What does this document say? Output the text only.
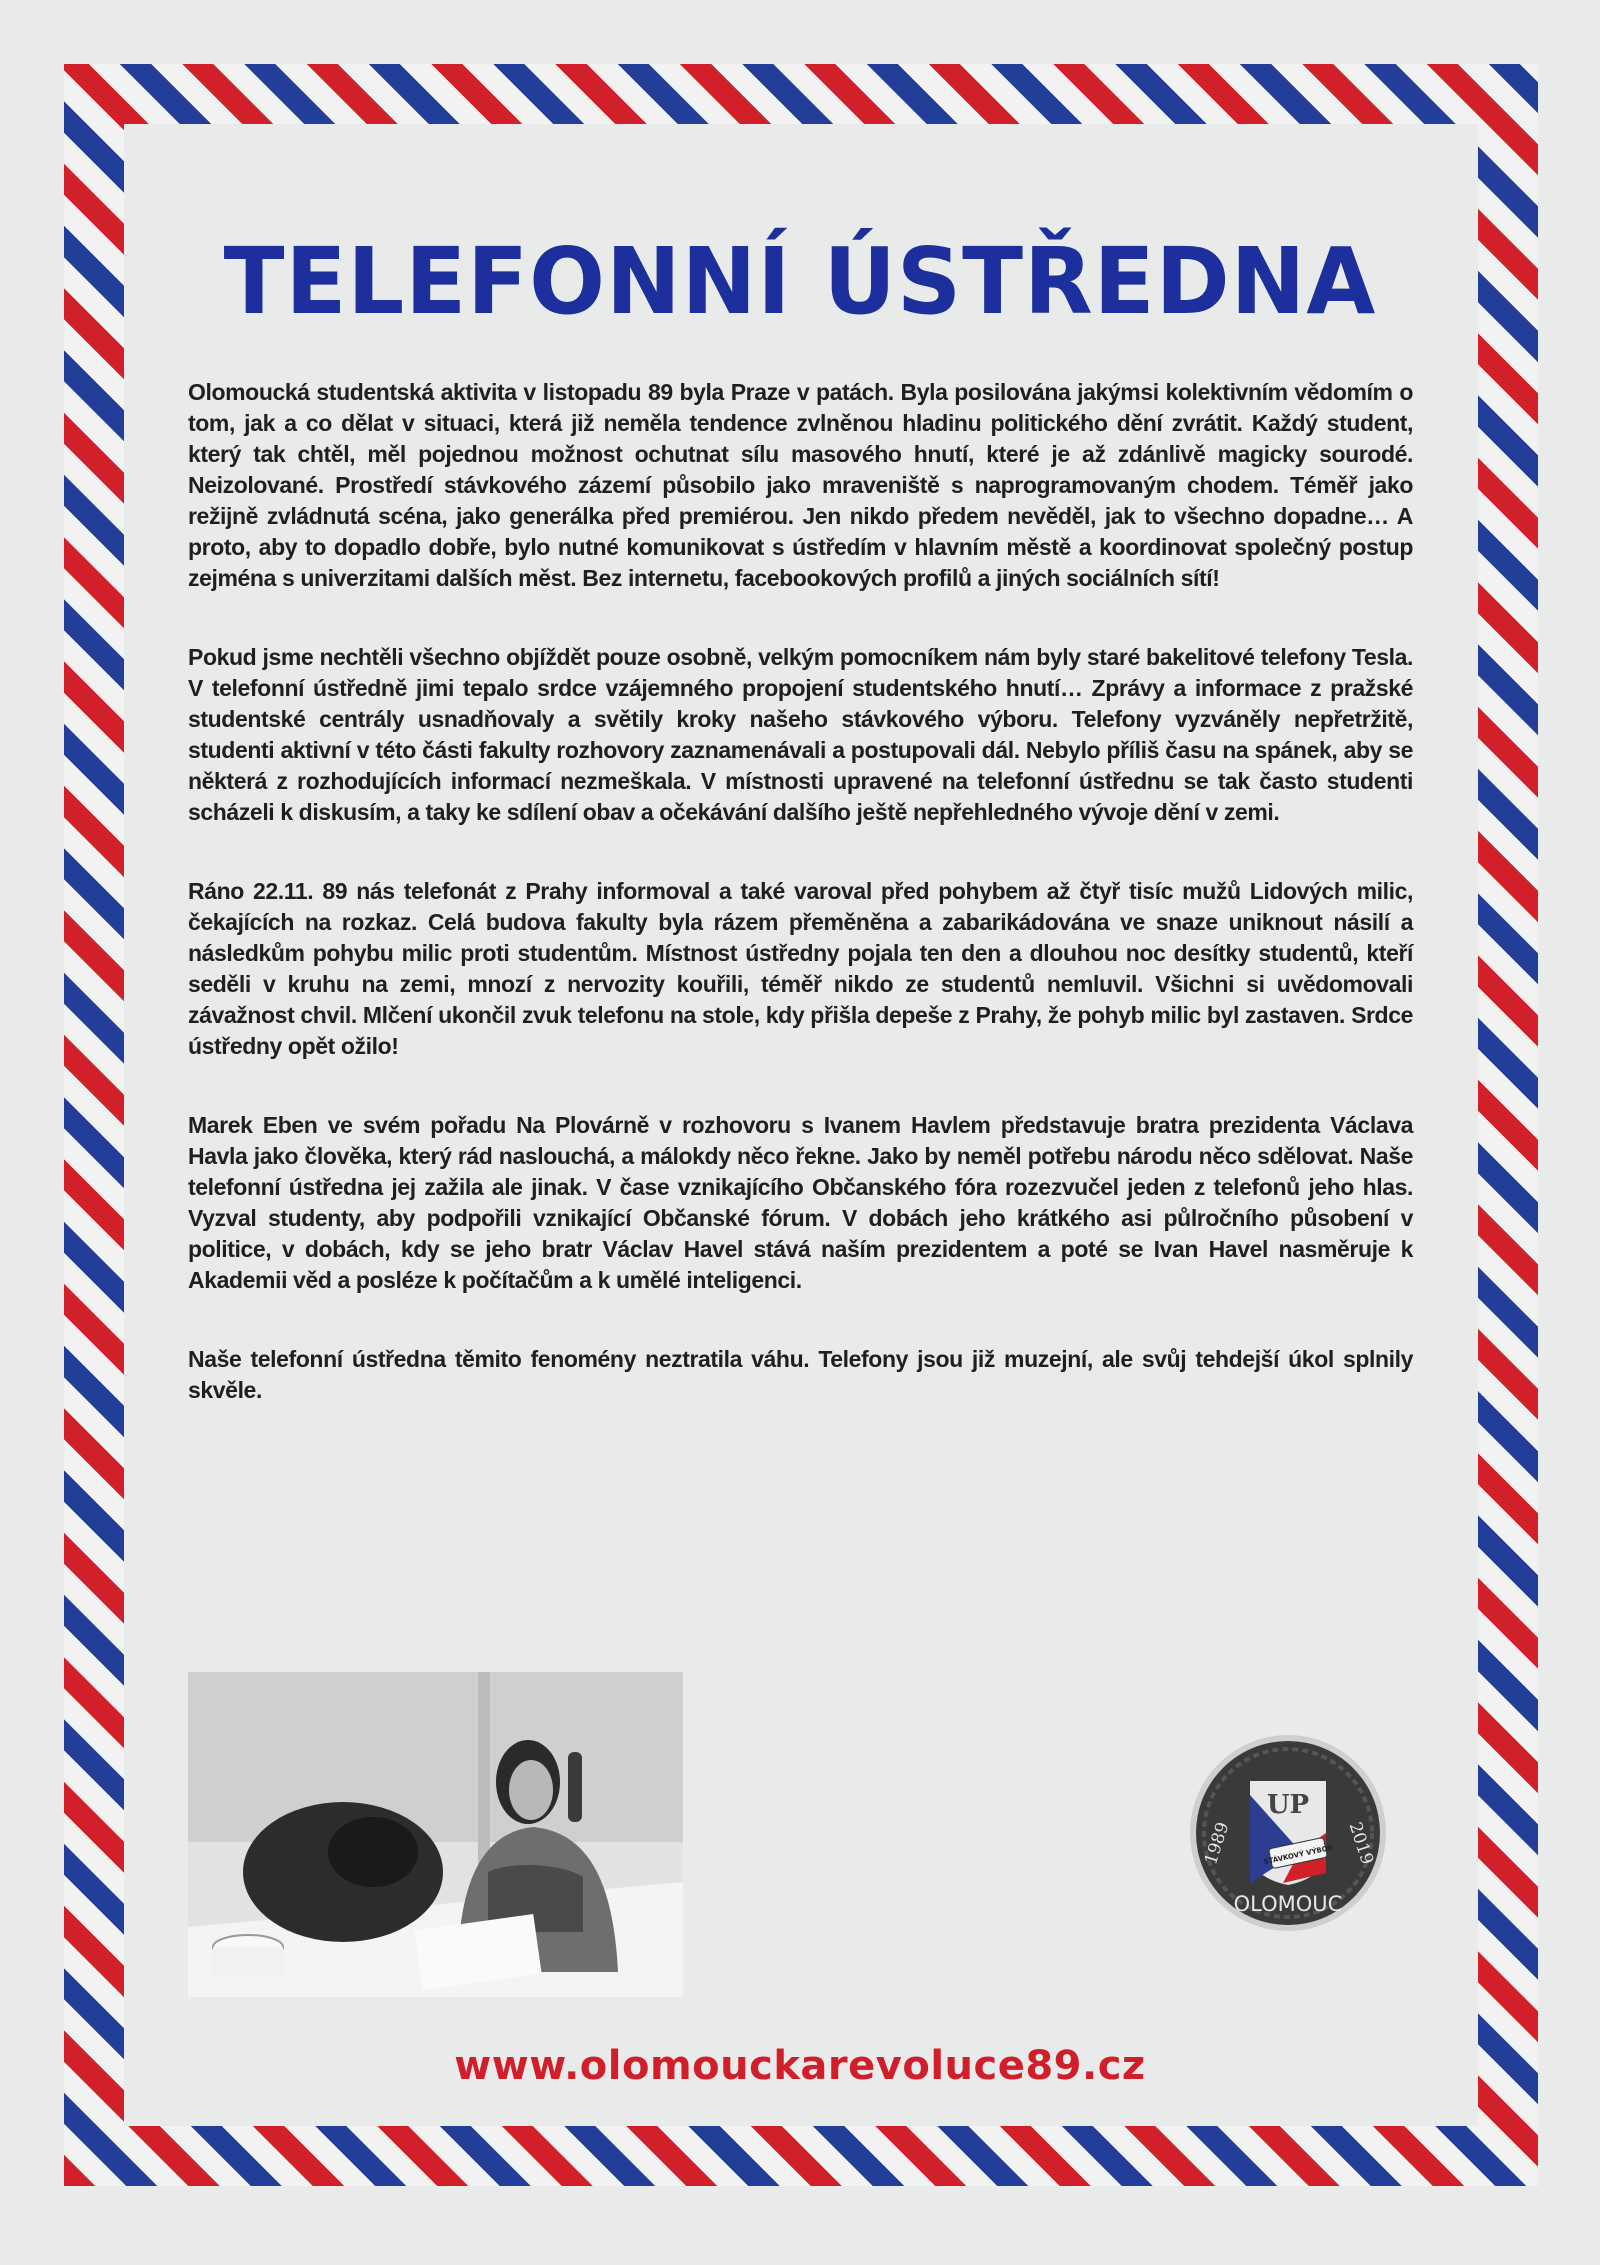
TELEFONNÍ ÚSTŘEDNA

Olomoucká studentská aktivita v listopadu 89 byla Praze v patách. Byla posilována jakýmsi kolektivním vědomím o tom, jak a co dělat v situaci, která již neměla tendence zvlněnou hladinu politického dění zvrátit. Každý student, který tak chtěl, měl pojednou možnost ochutnat sílu masového hnutí, které je až zdánlivě magicky sourodé. Neizolované. Prostředí stávkového zázemí působilo jako mraveniště s naprogramovaným chodem. Téměř jako režijně zvládnutá scéna, jako generálka před premiérou. Jen nikdo předem nevěděl, jak to všechno dopadne… A proto, aby to dopadlo dobře, bylo nutné komunikovat s ústředím v hlavním městě a koordinovat společný postup zejména s univerzitami dalších měst. Bez internetu, facebookových profilů a jiných sociálních sítí!

Pokud jsme nechtěli všechno objíždět pouze osobně, velkým pomocníkem nám byly staré bakelitové telefony Tesla. V telefonní ústředně jimi tepalo srdce vzájemného propojení studentského hnutí… Zprávy a informace z pražské studentské centrály usnadňovaly a světily kroky našeho stávkového výboru. Telefony vyzváněly nepřetržitě, studenti aktivní v této části fakulty rozhovory zaznamenávali a postupovali dál. Nebylo příliš času na spánek, aby se některá z rozhodujících informací nezmeškala. V místnosti upravené na telefonní ústřednu se tak často studenti scházeli k diskusím, a taky ke sdílení obav a očekávání dalšího ještě nepřehledného vývoje dění v zemi.

Ráno 22.11. 89 nás telefonát z Prahy informoval a také varoval před pohybem až čtyř tisíc mužů Lidových milic, čekajících na rozkaz. Celá budova fakulty byla rázem přeměněna a zabarikádována ve snaze uniknout násilí a následkům pohybu milic proti studentům. Místnost ústředny pojala ten den a dlouhou noc desítky studentů, kteří seděli v kruhu na zemi, mnozí z nervozity kouřili, téměř nikdo ze studentů nemluvil. Všichni si uvědomovali závažnost chvil. Mlčení ukončil zvuk telefonu na stole, kdy přišla depeše z Prahy, že pohyb milic byl zastaven. Srdce ústředny opět ožilo!

Marek Eben ve svém pořadu Na Plovárně v rozhovoru s Ivanem Havlem představuje bratra prezidenta Václava Havla jako člověka, který rád naslouchá, a málokdy něco řekne. Jako by neměl potřebu národu něco sdělovat. Naše telefonní ústředna jej zažila ale jinak. V čase vznikajícího Občanského fóra rozezvučel jeden z telefonů jeho hlas. Vyzval studenty, aby podpořili vznikající Občanské fórum. V dobách jeho krátkého asi půlročního působení v politice, v dobách, kdy se jeho bratr Václav Havel stává naším prezidentem a poté se Ivan Havel nasměruje k Akademii věd a posléze k počítačům a k umělé inteligenci.

Naše telefonní ústředna těmito fenomény neztratila váhu. Telefony jsou již muzejní, ale svůj tehdejší úkol splnily skvěle.

UP
STÁVKOVÝ VÝBOR
1989	2019
OLOMOUC
www.olomouckarevoluce89.cz
